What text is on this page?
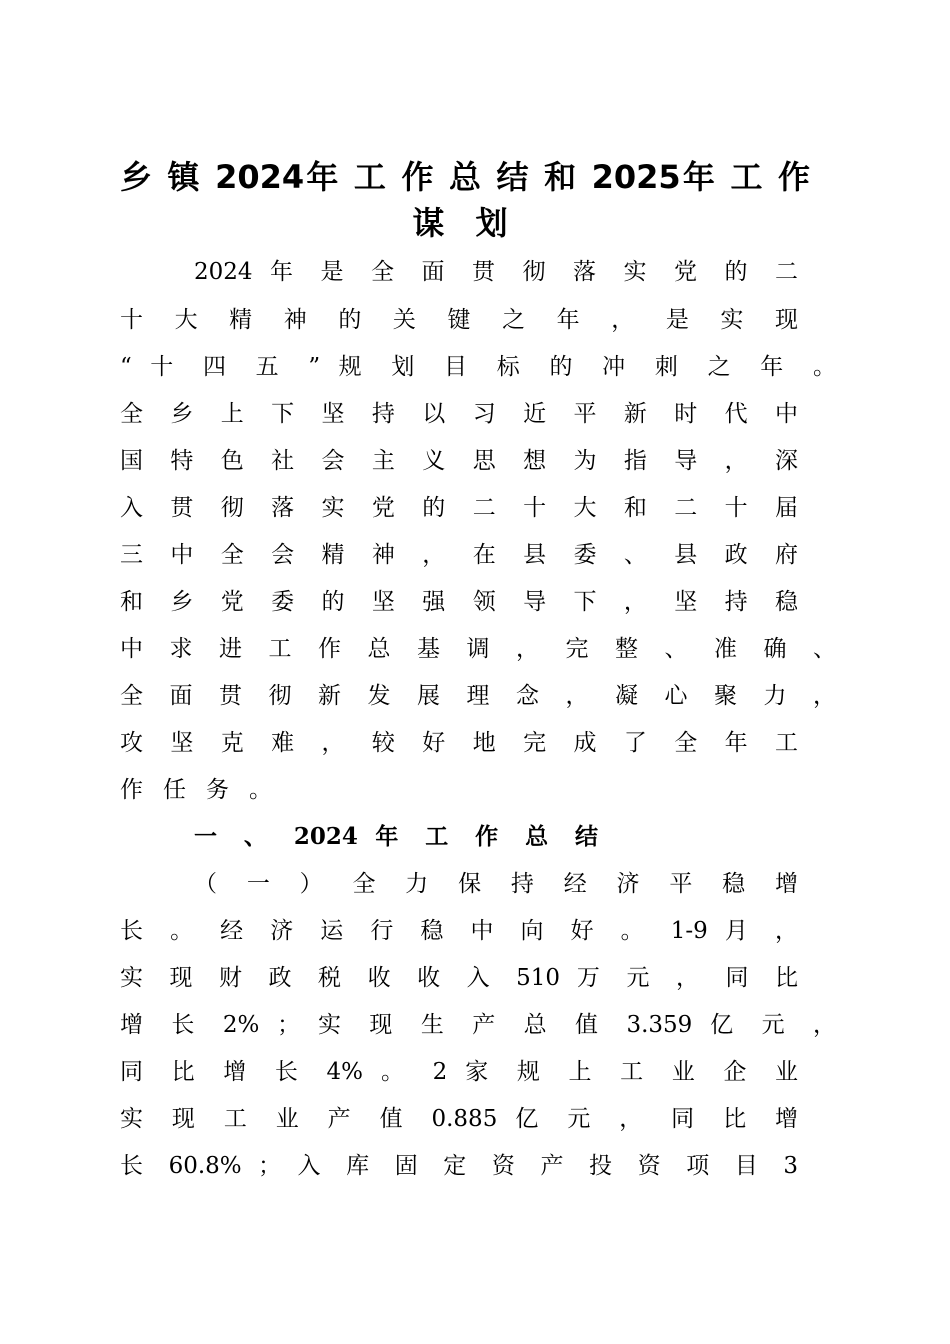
乡 镇 2024年 工 作 总 结 和 2025年 工 作
谋 划
2024 年 是 全 面 贯 彻 落 实 党 的 二
十 大 精 神 的 关 键 之 年 ， 是 实 现
“ 十 四 五 ” 规 划 目 标 的 冲 刺 之 年 。
全 乡 上 下 坚 持 以 习 近 平 新 时 代 中
国 特 色 社 会 主 义 思 想 为 指 导 ， 深
入 贯 彻 落 实 党 的 二 十 大 和 二 十 届
三 中 全 会 精 神 ， 在 县 委 、 县 政 府
和 乡 党 委 的 坚 强 领 导 下 ， 坚 持 稳
中 求 进 工 作 总 基 调 ， 完 整 、 准 确 、
全 面 贯 彻 新 发 展 理 念 ， 凝 心 聚 力 ，
攻 坚 克 难 ， 较 好 地 完 成 了 全 年 工
作任务。
一 、 2024 年 工 作 总 结
（ 一 ） 全 力 保 持 经 济 平 稳 增
长 。 经 济 运 行 稳 中 向 好 。 1-9 月 ，
实 现 财 政 税 收 收 入 510 万 元 ， 同 比
增 长 2% ； 实 现 生 产 总 值 3.359 亿 元 ，
同 比 增 长 4% 。 2 家 规 上 工 业 企 业
实 现 工 业 产 值 0.885 亿 元 ， 同 比 增
长 60.8% ； 入 库 固 定 资 产 投 资 项 目 3
